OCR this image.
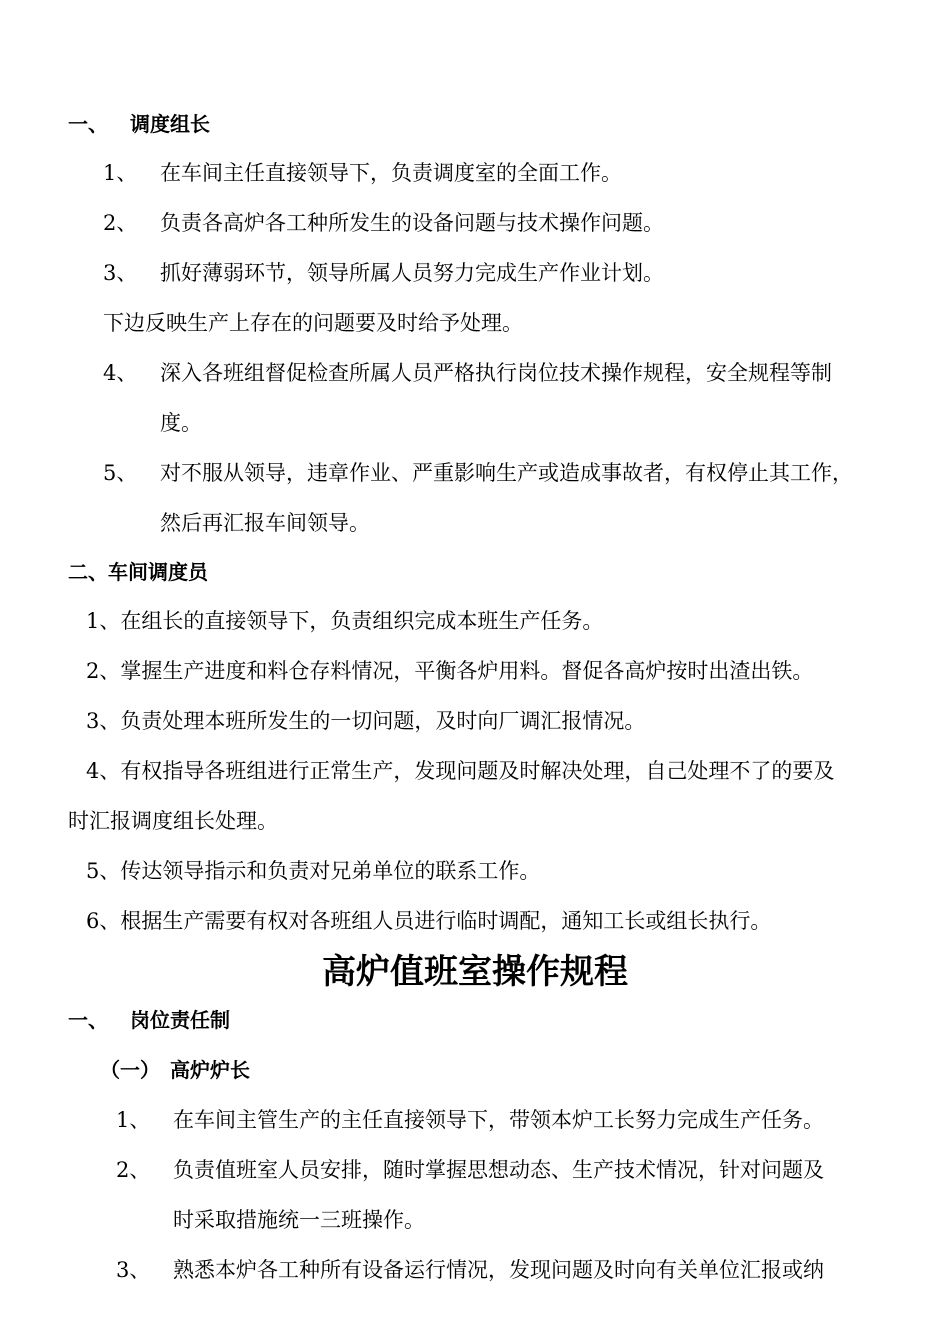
一、 调度组长
1、 在车间主任直接领导下，负责调度室的全面工作。
2、 负责各高炉各工种所发生的设备问题与技术操作问题。
3、 抓好薄弱环节，领导所属人员努力完成生产作业计划。
下边反映生产上存在的问题要及时给予处理。
4、 深入各班组督促检查所属人员严格执行岗位技术操作规程，安全规程等制
度。
5、 对不服从领导，违章作业、严重影响生产或造成事故者，有权停止其工作，
然后再汇报车间领导。
二、车间调度员
1、在组长的直接领导下，负责组织完成本班生产任务。
2、掌握生产进度和料仓存料情况，平衡各炉用料。督促各高炉按时出渣出铁。
3、负责处理本班所发生的一切问题，及时向厂调汇报情况。
4、有权指导各班组进行正常生产，发现问题及时解决处理，自己处理不了的要及
时汇报调度组长处理。
5、传达领导指示和负责对兄弟单位的联系工作。
6、根据生产需要有权对各班组人员进行临时调配，通知工长或组长执行。
高炉值班室操作规程
一、 岗位责任制
（一） 高炉炉长
1、 在车间主管生产的主任直接领导下，带领本炉工长努力完成生产任务。
2、 负责值班室人员安排，随时掌握思想动态、生产技术情况，针对问题及
时采取措施统一三班操作。
3、 熟悉本炉各工种所有设备运行情况，发现问题及时向有关单位汇报或纳
